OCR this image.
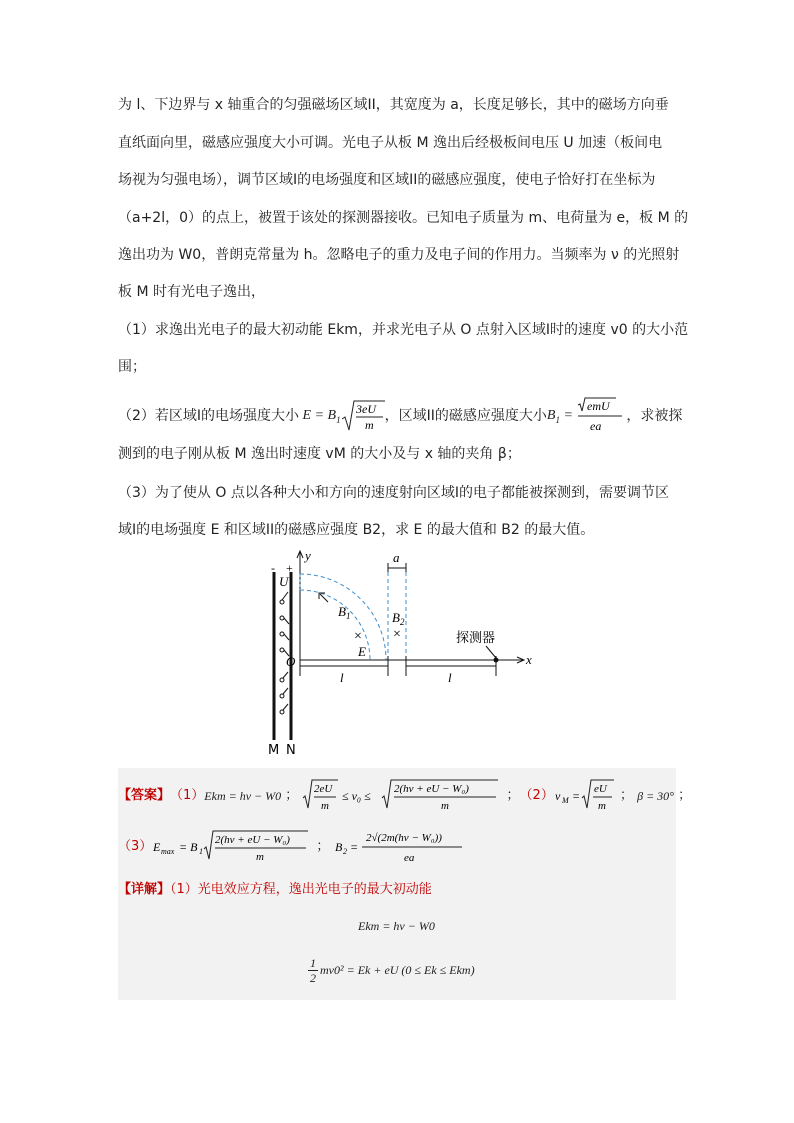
为 l、下边界与 x 轴重合的匀强磁场区域II，其宽度为 a，长度足够长，其中的磁场方向垂
直纸面向里，磁感应强度大小可调。光电子从板 M 逸出后经极板间电压 U 加速（板间电
场视为匀强电场），调节区域I的电场强度和区域II的磁感应强度，使电子恰好打在坐标为
（a+2l，0）的点上，被置于该处的探测器接收。已知电子质量为 m、电荷量为 e，板 M 的
逸出功为 W0，普朗克常量为 h。忽略电子的重力及电子间的作用力。当频率为 ν 的光照射
板 M 时有光电子逸出，
（1）求逸出光电子的最大初动能 Ekm，并求光电子从 O 点射入区域I时的速度 v0 的大小范
围；
（2）若区域I的电场强度大小 $E = B_1$
3eU
m
，区域II的磁感应强度大小 $B_1$ =
emU
ea
，求被探
测到的电子刚从板 M 逸出时速度 vM 的大小及与 x 轴的夹角 β；
（3）为了使从 O 点以各种大小和方向的速度射向区域I的电子都能被探测到，需要调节区
域I的电场强度 E 和区域II的磁感应强度 B2，求 E 的最大值和 B2 的最大值。
- +
U
y
$B_1$
×
E
a
$B_2$
×
x
O
l	l
探测器
M N
【答案】 （1） Ekm = hν − W0 ； 2eU
m
≤ v₀ ≤ 2(hν + eU − W₀)
m
； （2） v M = eU
m
； β = 30° ；
（3） E max = B 1
2(hν + eU − W₀)
m
； B 2 =
2√(2m(hν − W₀))
ea
【详解】（1）光电效应方程，逸出光电子的最大初动能
Ekm = hν − W0
$\frac{1}{2} mv0^2 = Ek$ + eU (0 ≤ Ek ≤ Ekm)
